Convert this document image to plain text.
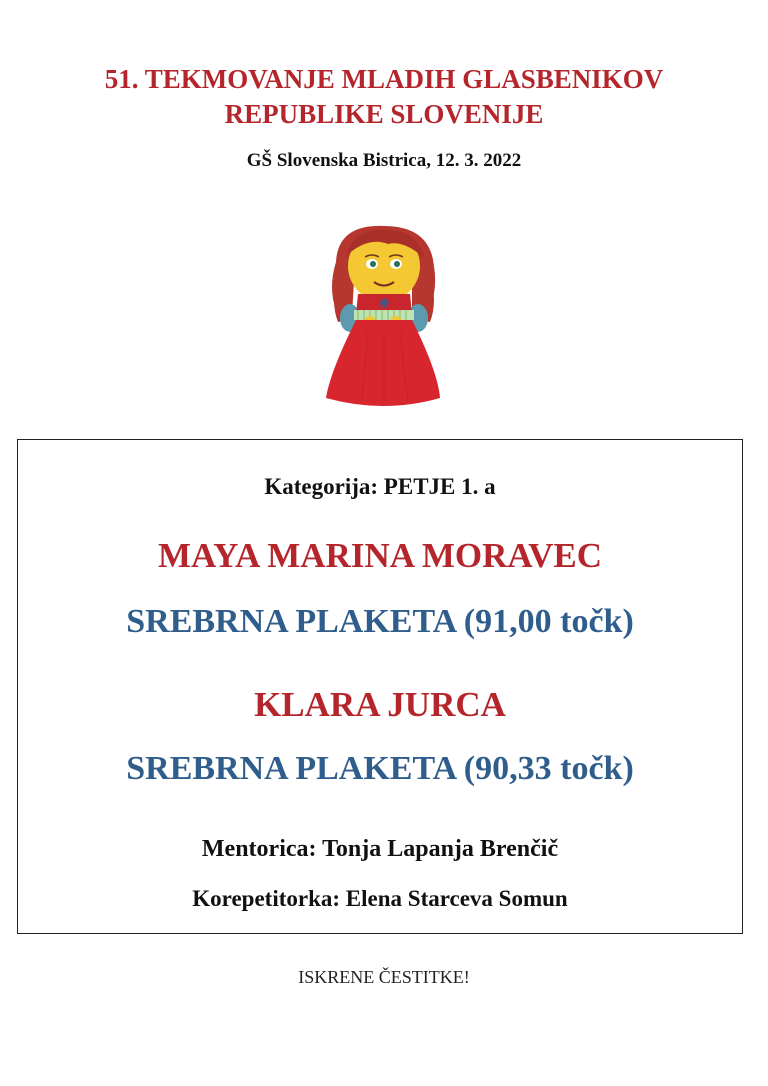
51. TEKMOVANJE MLADIH GLASBENIKOV
REPUBLIKE SLOVENIJE
GŠ Slovenska Bistrica, 12. 3. 2022
Kategorija: PETJE 1. a
MAYA MARINA MORAVEC
SREBRNA PLAKETA (91,00 točk)
KLARA JURCA
SREBRNA PLAKETA (90,33 točk)
Mentorica: Tonja Lapanja Brenčič
Korepetitorka: Elena Starceva Somun
ISKRENE ČESTITKE!
